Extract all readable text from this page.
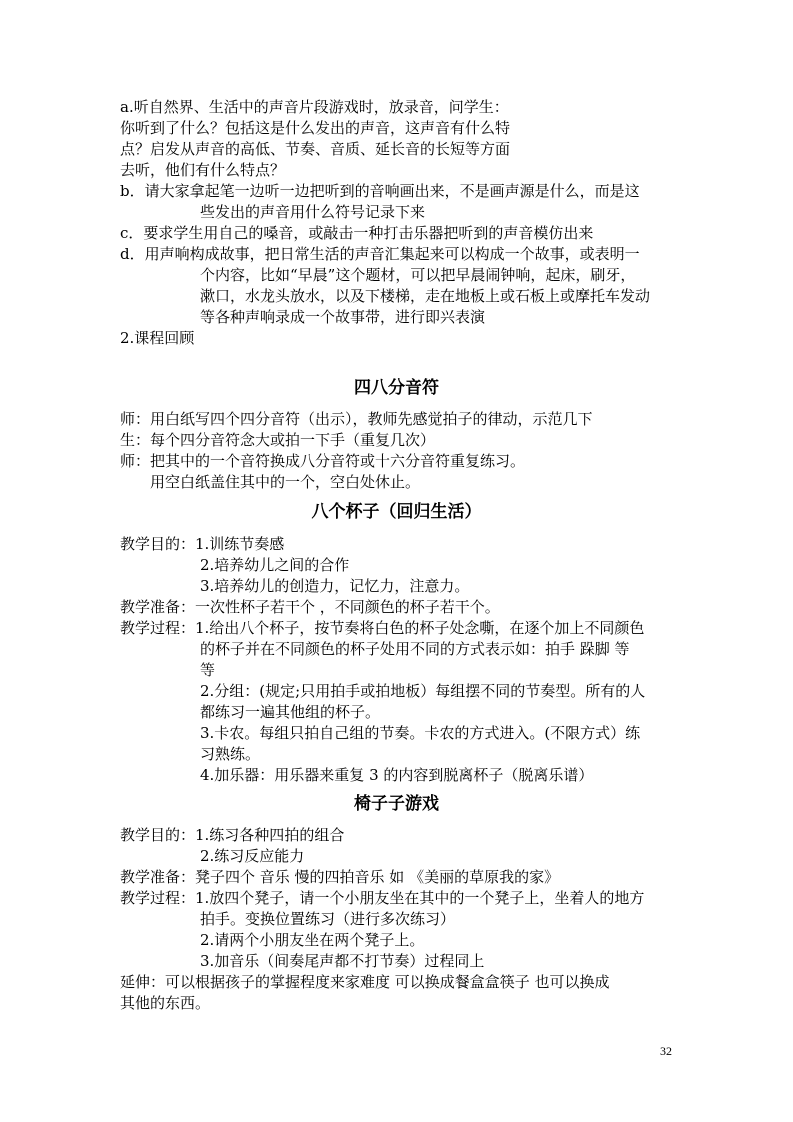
a.听自然界、生活中的声音片段游戏时，放录音，问学生：
你听到了什么？包括这是什么发出的声音，这声音有什么特
点？启发从声音的高低、节奏、音质、延长音的长短等方面
去听，他们有什么特点？
b．请大家拿起笔一边听一边把听到的音响画出来，不是画声源是什么，而是这
些发出的声音用什么符号记录下来
c．要求学生用自己的嗓音，或敲击一种打击乐器把听到的声音模仿出来
d．用声响构成故事，把日常生活的声音汇集起来可以构成一个故事，或表明一
个内容，比如“早晨”这个题材，可以把早晨闹钟响，起床，刷牙，
漱口，水龙头放水，以及下楼梯，走在地板上或石板上或摩托车发动
等各种声响录成一个故事带，进行即兴表演
2.课程回顾
四八分音符
师：用白纸写四个四分音符（出示），教师先感觉拍子的律动，示范几下
生：每个四分音符念大或拍一下手（重复几次）
师：把其中的一个音符换成八分音符或十六分音符重复练习。
用空白纸盖住其中的一个，空白处休止。
八个杯子（回归生活）
教学目的：1.训练节奏感
2.培养幼儿之间的合作
3.培养幼儿的创造力，记忆力，注意力。
教学准备：一次性杯子若干个 ，不同颜色的杯子若干个。
教学过程：1.给出八个杯子，按节奏将白色的杯子处念嘶，在逐个加上不同颜色
的杯子并在不同颜色的杯子处用不同的方式表示如：拍手 跺脚 等
等
2.分组：(规定;只用拍手或拍地板）每组摆不同的节奏型。所有的人
都练习一遍其他组的杯子。
3.卡农。每组只拍自己组的节奏。卡农的方式进入。(不限方式）练
习熟练。
4.加乐器：用乐器来重复 3 的内容到脱离杯子（脱离乐谱）
椅子子游戏
教学目的：1.练习各种四拍的组合
2.练习反应能力
教学准备：凳子四个 音乐 慢的四拍音乐 如 《美丽的草原我的家》
教学过程：1.放四个凳子，请一个小朋友坐在其中的一个凳子上，坐着人的地方
拍手。变换位置练习（进行多次练习）
2.请两个小朋友坐在两个凳子上。
3.加音乐（间奏尾声都不打节奏）过程同上
延伸：可以根据孩子的掌握程度来家难度 可以换成餐盒盒筷子 也可以换成
其他的东西。
32
